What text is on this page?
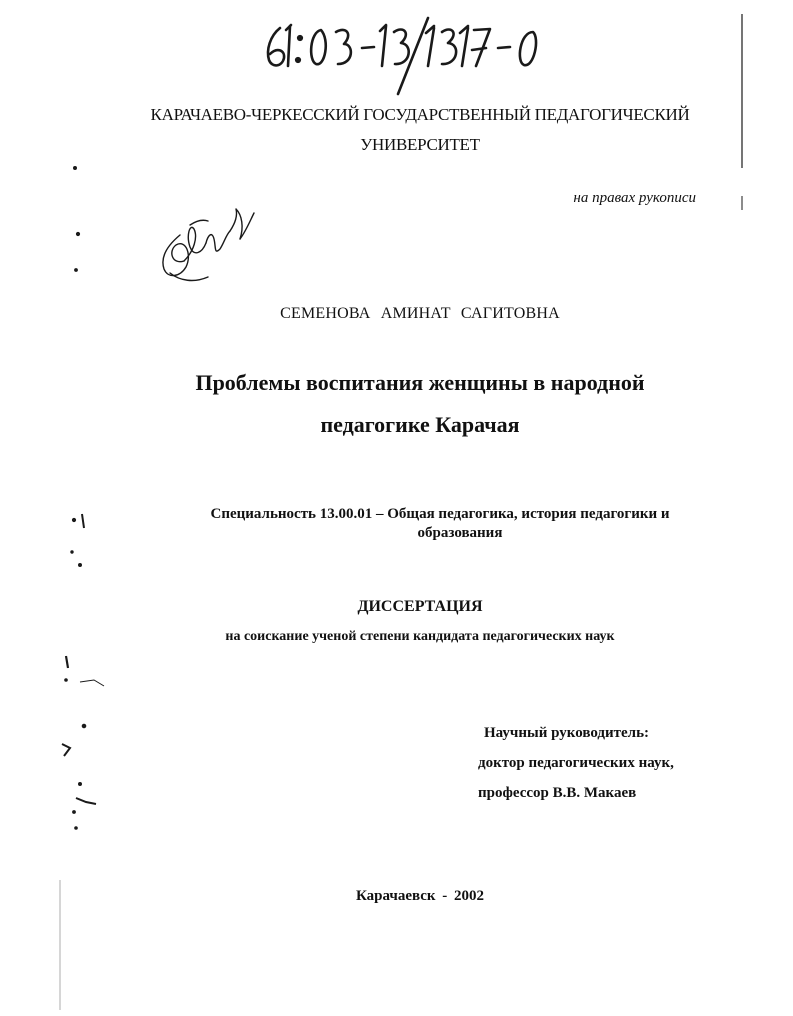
КАРАЧАЕВО-ЧЕРКЕССКИЙ ГОСУДАРСТВЕННЫЙ ПЕДАГОГИЧЕСКИЙ
УНИВЕРСИТЕТ
на правах рукописи
СЕМЕНОВА АМИНАТ САГИТОВНА
Проблемы воспитания женщины в народной
педагогике Карачая
Специальность 13.00.01 – Общая педагогика, история педагогики и
образования
ДИССЕРТАЦИЯ
на соискание ученой степени кандидата педагогических наук
Научный руководитель:
доктор педагогических наук,
профессор В.В. Макаев
Карачаевск - 2002
